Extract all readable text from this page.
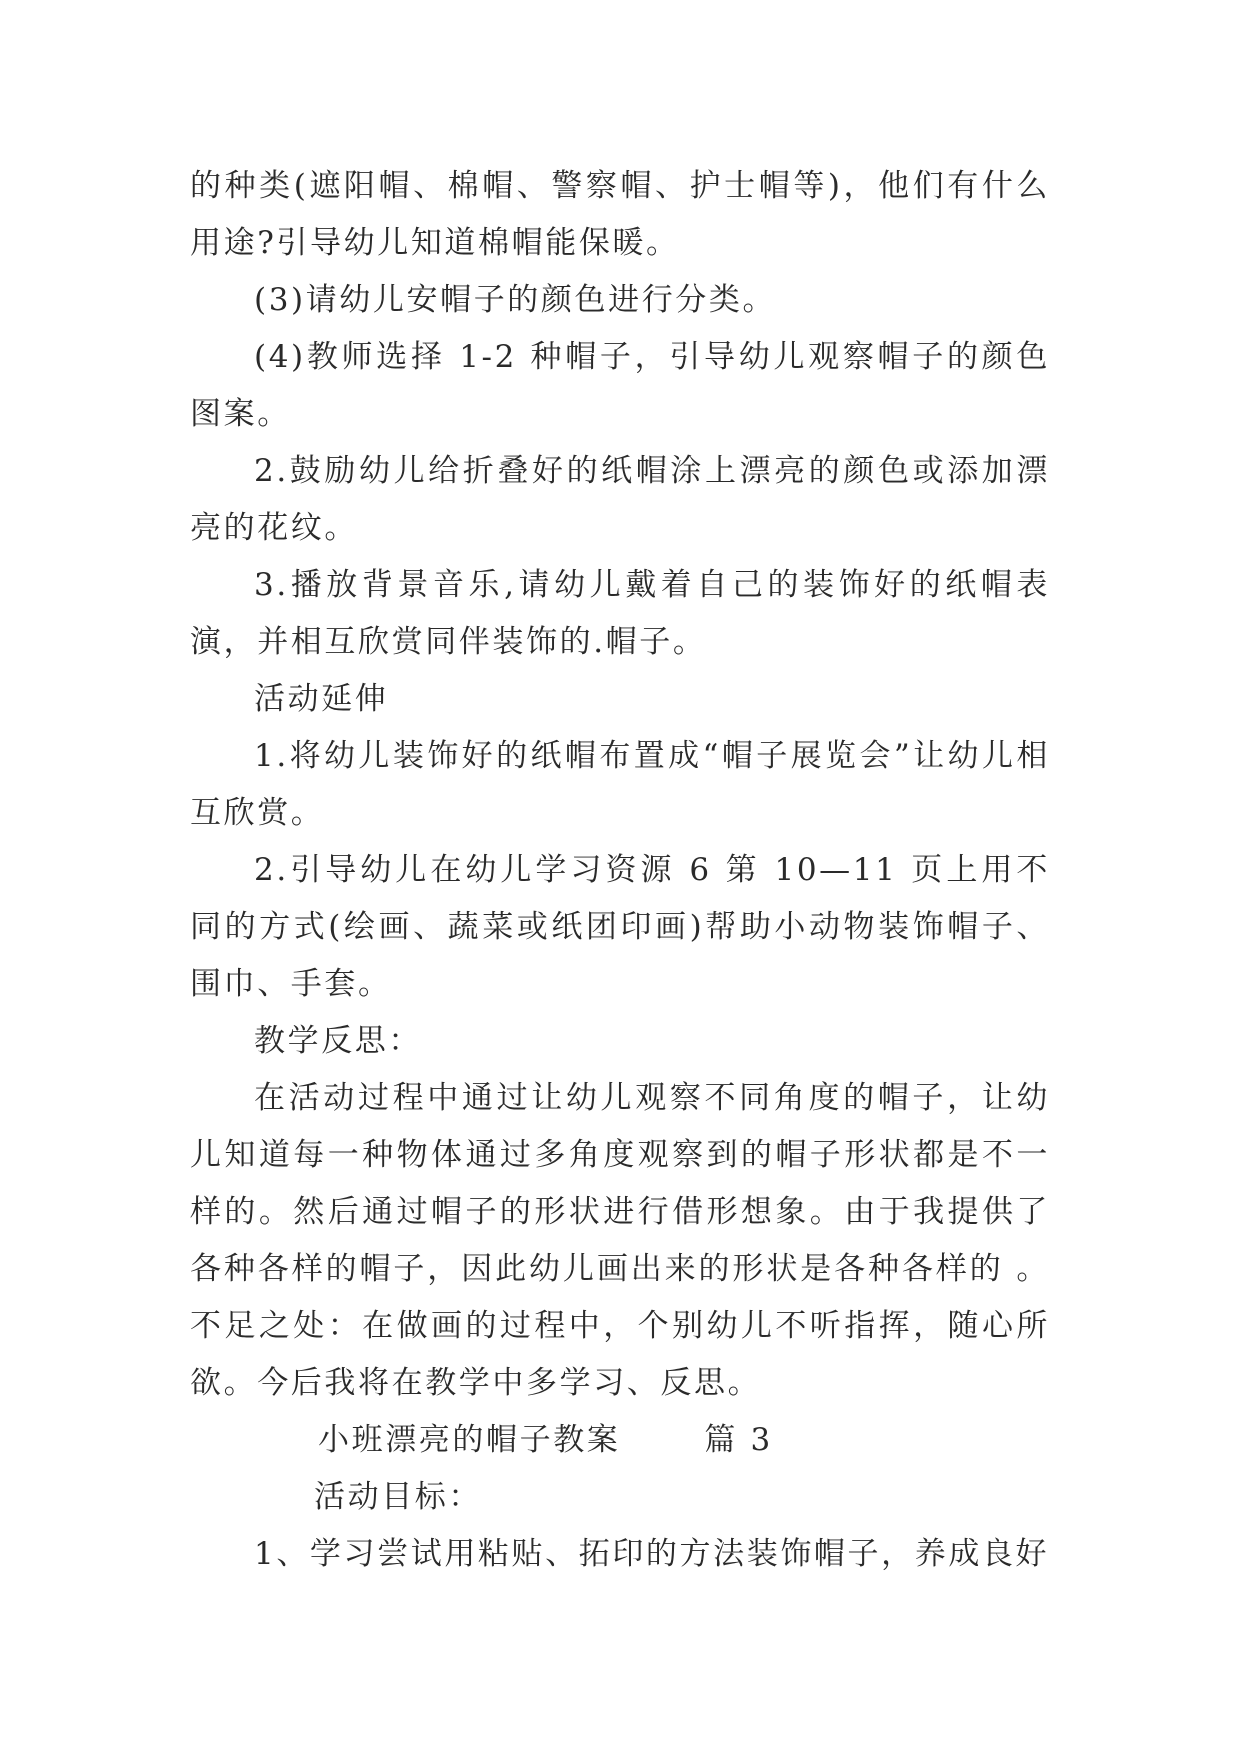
的种类(遮阳帽、棉帽、警察帽、护士帽等)，他们有什么用途?引导幼儿知道棉帽能保暖。

(3)请幼儿安帽子的颜色进行分类。

(4)教师选择 1-2 种帽子，引导幼儿观察帽子的颜色图案。

2.鼓励幼儿给折叠好的纸帽涂上漂亮的颜色或添加漂亮的花纹。

3.播放背景音乐,请幼儿戴着自己的装饰好的纸帽表演，并相互欣赏同伴装饰的.帽子。

活动延伸

1.将幼儿装饰好的纸帽布置成“帽子展览会”让幼儿相互欣赏。

2.引导幼儿在幼儿学习资源 6 第 10—11 页上用不同的方式(绘画、蔬菜或纸团印画)帮助小动物装饰帽子、围巾、手套。

教学反思：

在活动过程中通过让幼儿观察不同角度的帽子，让幼儿知道每一种物体通过多角度观察到的帽子形状都是不一样的。然后通过帽子的形状进行借形想象。由于我提供了各种各样的帽子，因此幼儿画出来的形状是各种各样的 。不足之处：在做画的过程中，个别幼儿不听指挥，随心所欲。今后我将在教学中多学习、反思。

小班漂亮的帽子教案	篇 3活动目标：

1、学习尝试用粘贴、拓印的方法装饰帽子，养成良好
